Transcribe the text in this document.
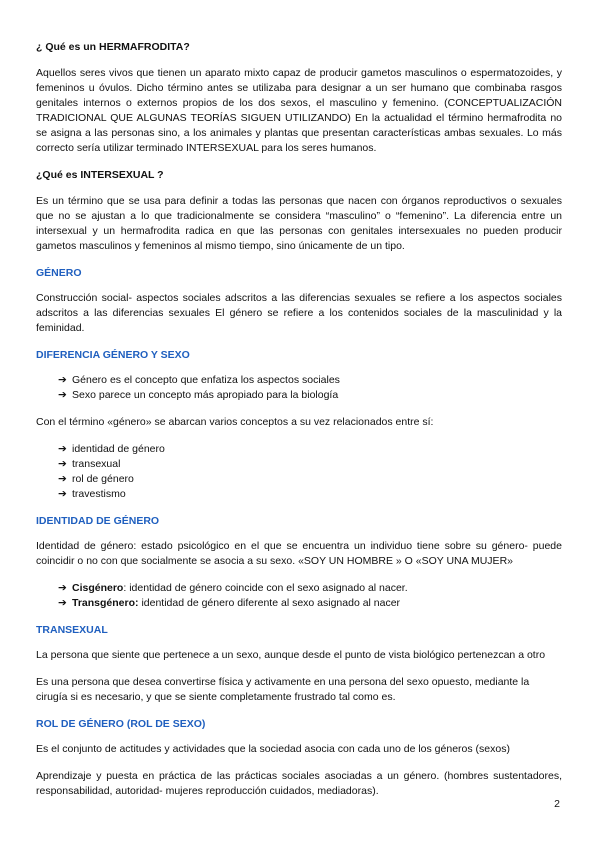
¿ Qué es un HERMAFRODITA?

Aquellos seres vivos que tienen un aparato mixto capaz de producir gametos masculinos o espermatozoides, y femeninos u óvulos. Dicho término antes se utilizaba para designar a un ser humano que combinaba rasgos genitales internos o externos propios de los dos sexos, el masculino y femenino. (CONCEPTUALIZACIÓN TRADICIONAL QUE ALGUNAS TEORÍAS SIGUEN UTILIZANDO) En la actualidad el término hermafrodita no se asigna a las personas sino, a los animales y plantas que presentan características ambas sexuales. Lo más correcto sería utilizar terminado INTERSEXUAL para los seres humanos.

¿Qué es INTERSEXUAL ?

Es un término que se usa para definir a todas las personas que nacen con órganos reproductivos o sexuales que no se ajustan a lo que tradicionalmente se considera “masculino” o “femenino”. La diferencia entre un intersexual y un hermafrodita radica en que las personas con genitales intersexuales no pueden producir gametos masculinos y femeninos al mismo tiempo, sino únicamente de un tipo.

GÉNERO

Construcción social- aspectos sociales adscritos a las diferencias sexuales se refiere a los aspectos sociales adscritos a las diferencias sexuales El género se refiere a los contenidos sociales de la masculinidad y la feminidad.

DIFERENCIA GÉNERO Y SEXO
➔ Género es el concepto que enfatiza los aspectos sociales
➔ Sexo parece un concepto más apropiado para la biología

Con el término «género» se abarcan varios conceptos a su vez relacionados entre sí:

➔ identidad de género
➔ transexual
➔ rol de género
➔ travestismo
IDENTIDAD DE GÉNERO

Identidad de género: estado psicológico en el que se encuentra un individuo tiene sobre su género- puede coincidir o no con que socialmente se asocia a su sexo. «SOY UN HOMBRE » O «SOY UNA MUJER»

➔ Cisgénero: identidad de género coincide con el sexo asignado al nacer.
➔ Transgénero: identidad de género diferente al sexo asignado al nacer
TRANSEXUAL

La persona que siente que pertenece a un sexo, aunque desde el punto de vista biológico pertenezcan a otro

Es una persona que desea convertirse física y activamente en una persona del sexo opuesto, mediante la cirugía si es necesario, y que se siente completamente frustrado tal como es.

ROL DE GÉNERO (ROL DE SEXO)

Es el conjunto de actitudes y actividades que la sociedad asocia con cada uno de los géneros (sexos)

Aprendizaje y puesta en práctica de las prácticas sociales asociadas a un género. (hombres sustentadores, responsabilidad, autoridad- mujeres reproducción cuidados, mediadoras).

2
